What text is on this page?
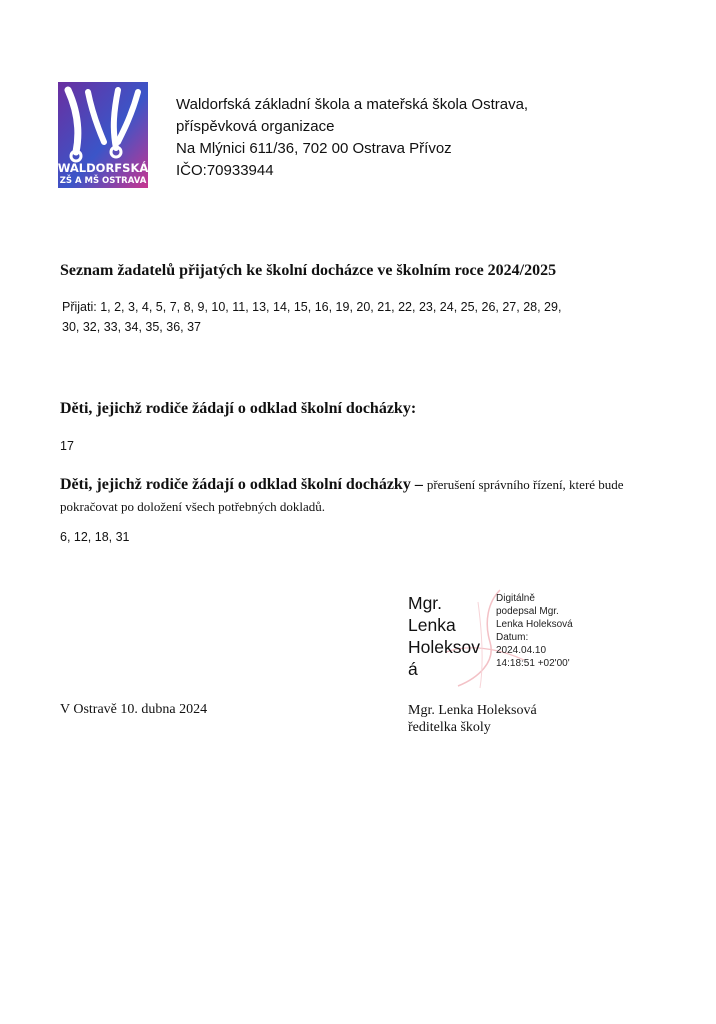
WALDORFSKÁ
ZŠ A MŠ OSTRAVA
Waldorfská základní škola a mateřská škola Ostrava,
příspěvková organizace
Na Mlýnici 611/36, 702 00 Ostrava Přívoz
IČO:70933944
Seznam žadatelů přijatých ke školní docházce ve školním roce 2024/2025
Přijati: 1, 2, 3, 4, 5, 7, 8, 9, 10, 11, 13, 14, 15, 16, 19, 20, 21, 22, 23, 24, 25, 26, 27, 28, 29,
30, 32, 33, 34, 35, 36, 37
Děti, jejichž rodiče žádají o odklad školní docházky:
17
Děti, jejichž rodiče žádají o odklad školní docházky – přerušení správního řízení, které bude pokračovat po doložení všech potřebných dokladů.
6, 12, 18, 31
Mgr.
Lenka
Holeksov
á
Digitálně
podepsal Mgr.
Lenka Holeksová
Datum:
2024.04.10
14:18:51 +02'00'
V Ostravě 10. dubna 2024	Mgr. Lenka Holeksová
ředitelka školy
